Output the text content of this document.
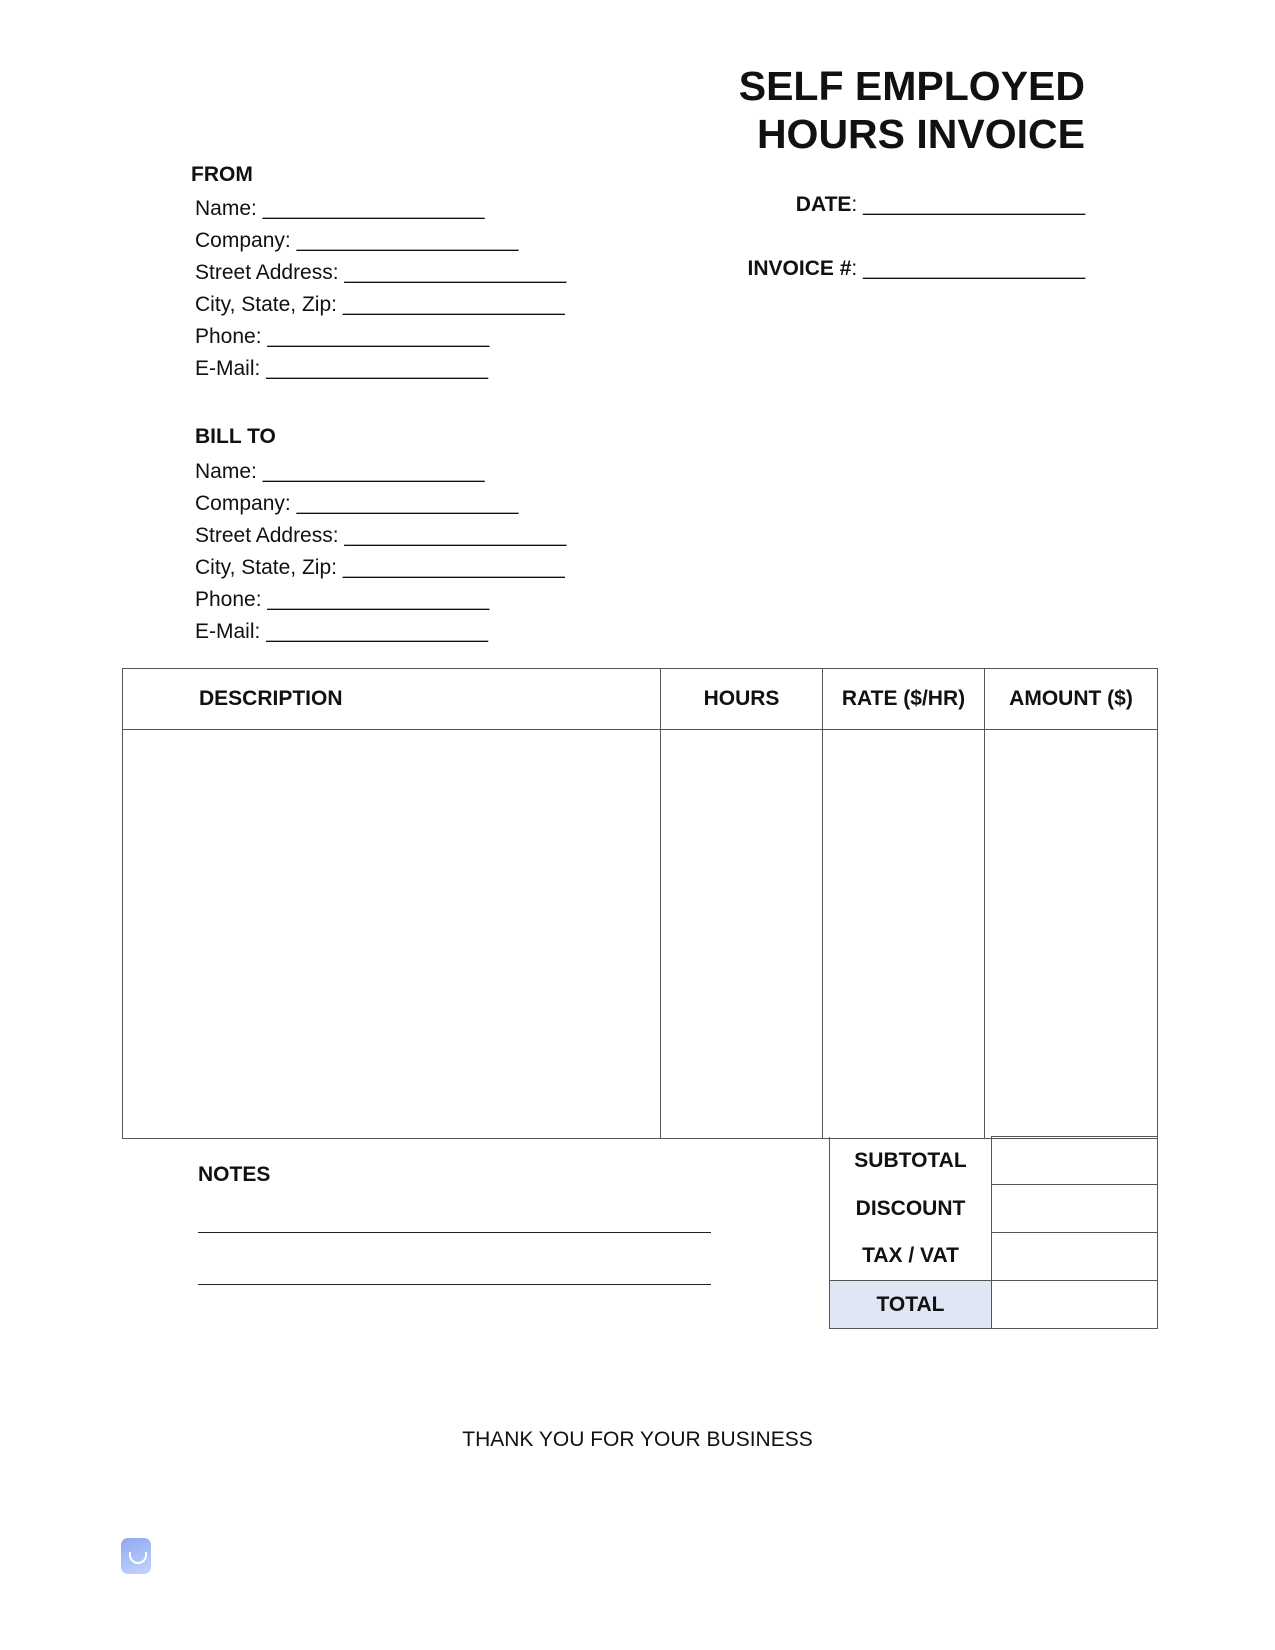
SELF EMPLOYED
HOURS INVOICE
FROM
Name: ___________________
Company: ___________________
Street Address: ___________________
City, State, Zip: ___________________
Phone: ___________________
E-Mail: ___________________
DATE: ___________________
INVOICE #: ___________________
BILL TO
Name: ___________________
Company: ___________________
Street Address: ___________________
City, State, Zip: ___________________
Phone: ___________________
E-Mail: ___________________
DESCRIPTION	HOURS	RATE ($/HR)	AMOUNT ($)

SUBTOTAL	
DISCOUNT	
TAX / VAT	
TOTAL	
NOTES
THANK YOU FOR YOUR BUSINESS
